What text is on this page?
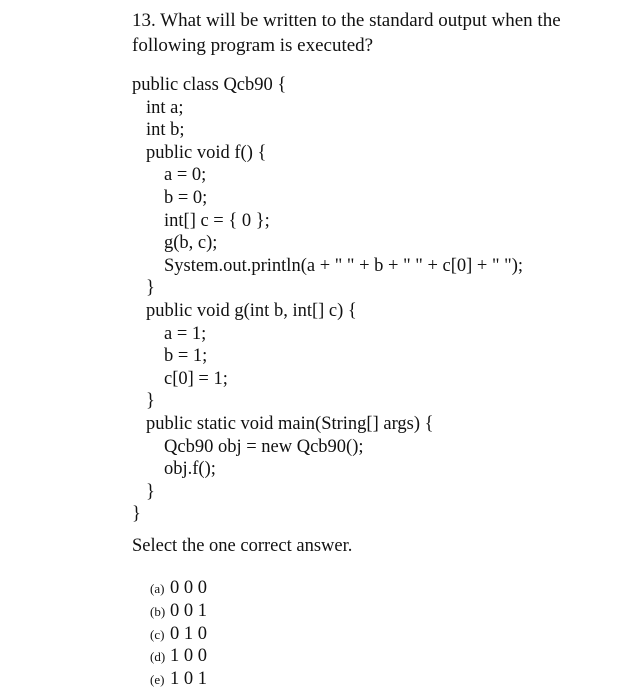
13. What will be written to the standard output when the following program is executed?
public class Qcb90 {
int a;
int b;
public void f() {
a = 0;
b = 0;
int[] c = { 0 };
g(b, c);
System.out.println(a + " " + b + " " + c[0] + " ");
}
public void g(int b, int[] c) {
a = 1;
b = 1;
c[0] = 1;
}
public static void main(String[] args) {
Qcb90 obj = new Qcb90();
obj.f();
}
}
Select the one correct answer.
(a) 0 0 0
(b) 0 0 1
(c) 0 1 0
(d) 1 0 0
(e) 1 0 1
